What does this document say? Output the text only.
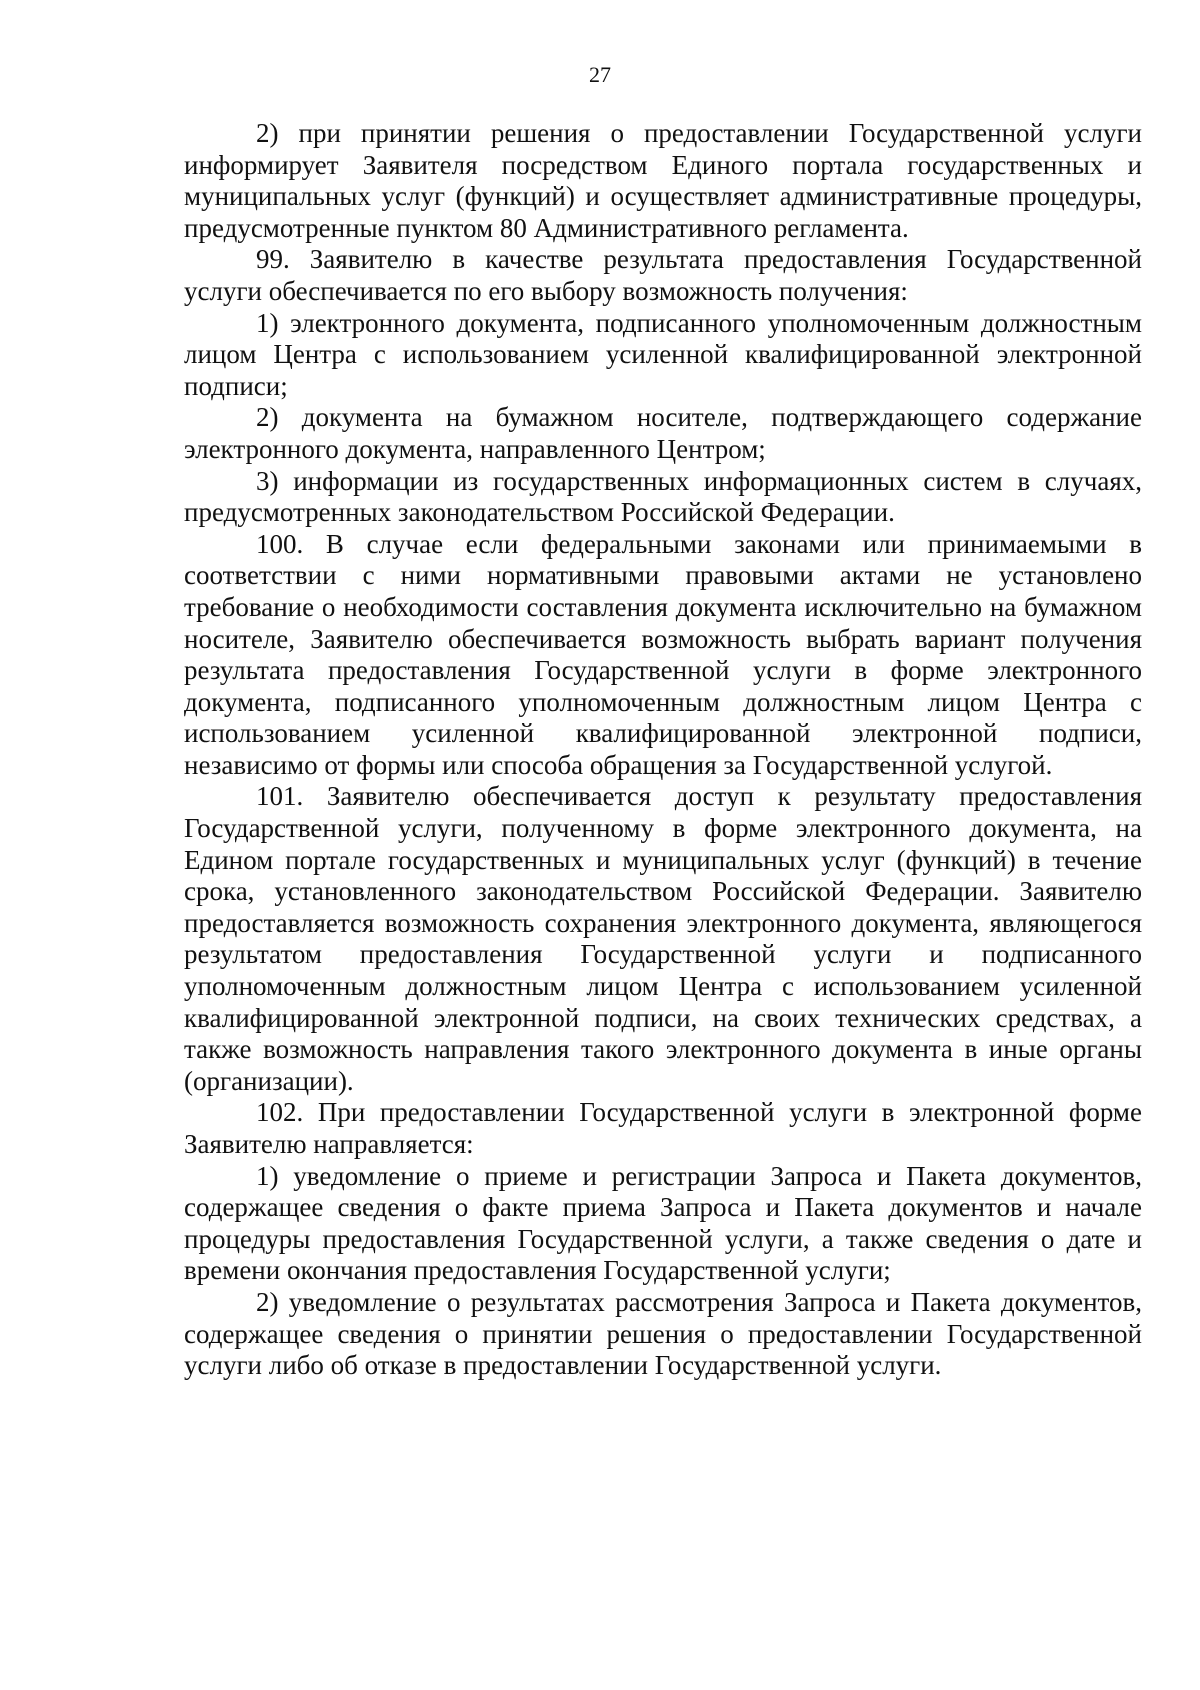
27

2) при принятии решения о предоставлении Государственной услуги информирует Заявителя посредством Единого портала государственных и муниципальных услуг (функций) и осуществляет административные процедуры, предусмотренные пунктом 80 Административного регламента.

99. Заявителю в качестве результата предоставления Государственной услуги обеспечивается по его выбору возможность получения:

1) электронного документа, подписанного уполномоченным должностным лицом Центра с использованием усиленной квалифицированной электронной подписи;

2) документа на бумажном носителе, подтверждающего содержание электронного документа, направленного Центром;

3) информации из государственных информационных систем в случаях, предусмотренных законодательством Российской Федерации.

100. В случае если федеральными законами или принимаемыми в соответствии с ними нормативными правовыми актами не установлено требование о необходимости составления документа исключительно на бумажном носителе, Заявителю обеспечивается возможность выбрать вариант получения результата предоставления Государственной услуги в форме электронного документа, подписанного уполномоченным должностным лицом Центра с использованием усиленной квалифицированной электронной подписи, независимо от формы или способа обращения за Государственной услугой.

101. Заявителю обеспечивается доступ к результату предоставления Государственной услуги, полученному в форме электронного документа, на Едином портале государственных и муниципальных услуг (функций) в течение срока, установленного законодательством Российской Федерации. Заявителю предоставляется возможность сохранения электронного документа, являющегося результатом предоставления Государственной услуги и подписанного уполномоченным должностным лицом Центра с использованием усиленной квалифицированной электронной подписи, на своих технических средствах, а также возможность направления такого электронного документа в иные органы (организации).

102. При предоставлении Государственной услуги в электронной форме Заявителю направляется:

1) уведомление о приеме и регистрации Запроса и Пакета документов, содержащее сведения о факте приема Запроса и Пакета документов и начале процедуры предоставления Государственной услуги, а также сведения о дате и времени окончания предоставления Государственной услуги;

2) уведомление о результатах рассмотрения Запроса и Пакета документов, содержащее сведения о принятии решения о предоставлении Государственной услуги либо об отказе в предоставлении Государственной услуги.
